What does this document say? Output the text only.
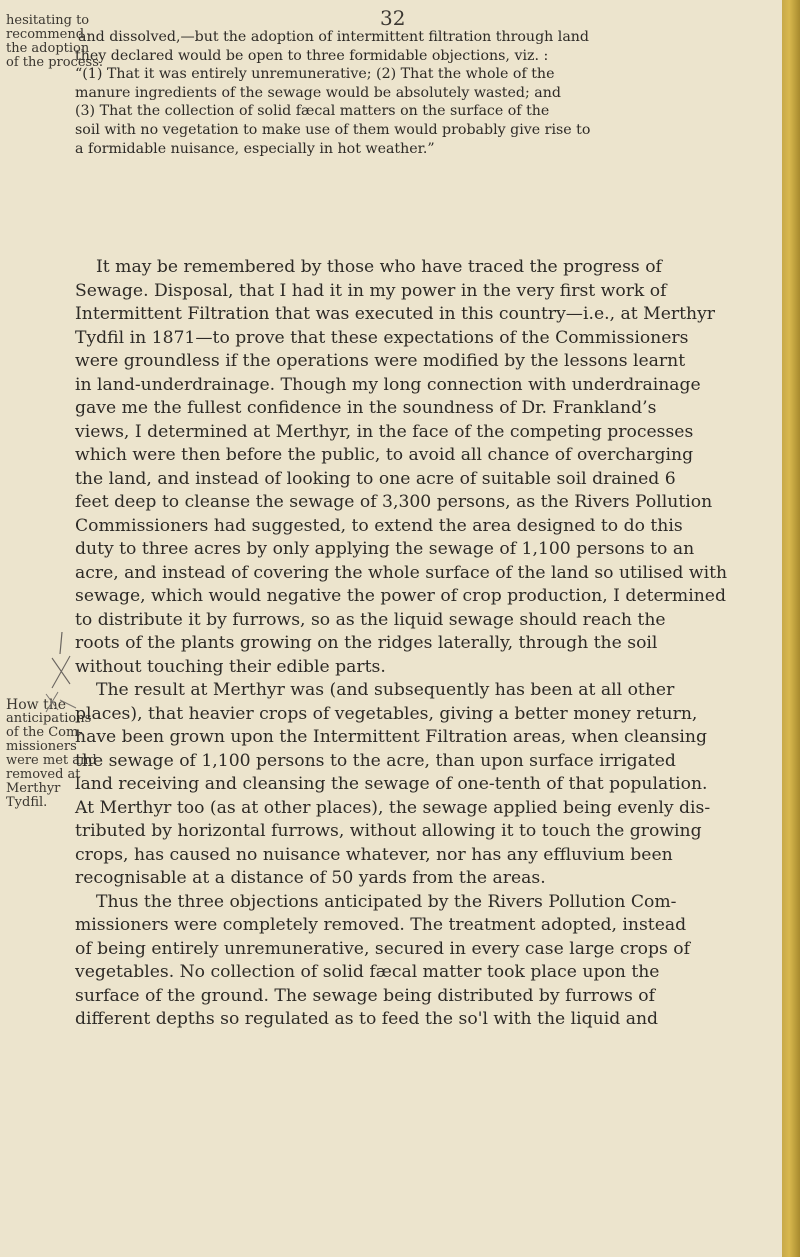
32

hesitating to

recommend

the adoption

of the process.

How the

anticipations

of the Com-

missioners

were met and

removed at

Merthyr

Tydfil.

and dissolved,—but the adoption of intermittent filtration through land
they declared would be open to three formidable objections, viz. :
“(1) That it was entirely unremunerative; (2) That the whole of the
manure ingredients of the sewage would be absolutely wasted; and
(3) That the collection of solid fæcal matters on the surface of the
soil with no vegetation to make use of them would probably give rise to
a formidable nuisance, especially in hot weather.”
It may be remembered by those who have traced the progress of
Sewage. Disposal, that I had it in my power in the very first work of
Intermittent Filtration that was executed in this country—i.e., at Merthyr
Tydfil in 1871—to prove that these expectations of the Commissioners
were groundless if the operations were modified by the lessons learnt
in land-underdrainage. Though my long connection with underdrainage
gave me the fullest confidence in the soundness of Dr. Frankland’s
views, I determined at Merthyr, in the face of the competing processes
which were then before the public, to avoid all chance of overcharging
the land, and instead of looking to one acre of suitable soil drained 6
feet deep to cleanse the sewage of 3,300 persons, as the Rivers Pollution
Commissioners had suggested, to extend the area designed to do this
duty to three acres by only applying the sewage of 1,100 persons to an
acre, and instead of covering the whole surface of the land so utilised with
sewage, which would negative the power of crop production, I determined
to distribute it by furrows, so as the liquid sewage should reach the
roots of the plants growing on the ridges laterally, through the soil
without touching their edible parts.
The result at Merthyr was (and subsequently has been at all other
places), that heavier crops of vegetables, giving a better money return,
have been grown upon the Intermittent Filtration areas, when cleansing
the sewage of 1,100 persons to the acre, than upon surface irrigated
land receiving and cleansing the sewage of one-tenth of that population.
At Merthyr too (as at other places), the sewage applied being evenly dis-
tributed by horizontal furrows, without allowing it to touch the growing
crops, has caused no nuisance whatever, nor has any effluvium been
recognisable at a distance of 50 yards from the areas.
Thus the three objections anticipated by the Rivers Pollution Com-
missioners were completely removed. The treatment adopted, instead
of being entirely unremunerative, secured in every case large crops of
vegetables. No collection of solid fæcal matter took place upon the
surface of the ground. The sewage being distributed by furrows of
different depths so regulated as to feed the so'l with the liquid and
